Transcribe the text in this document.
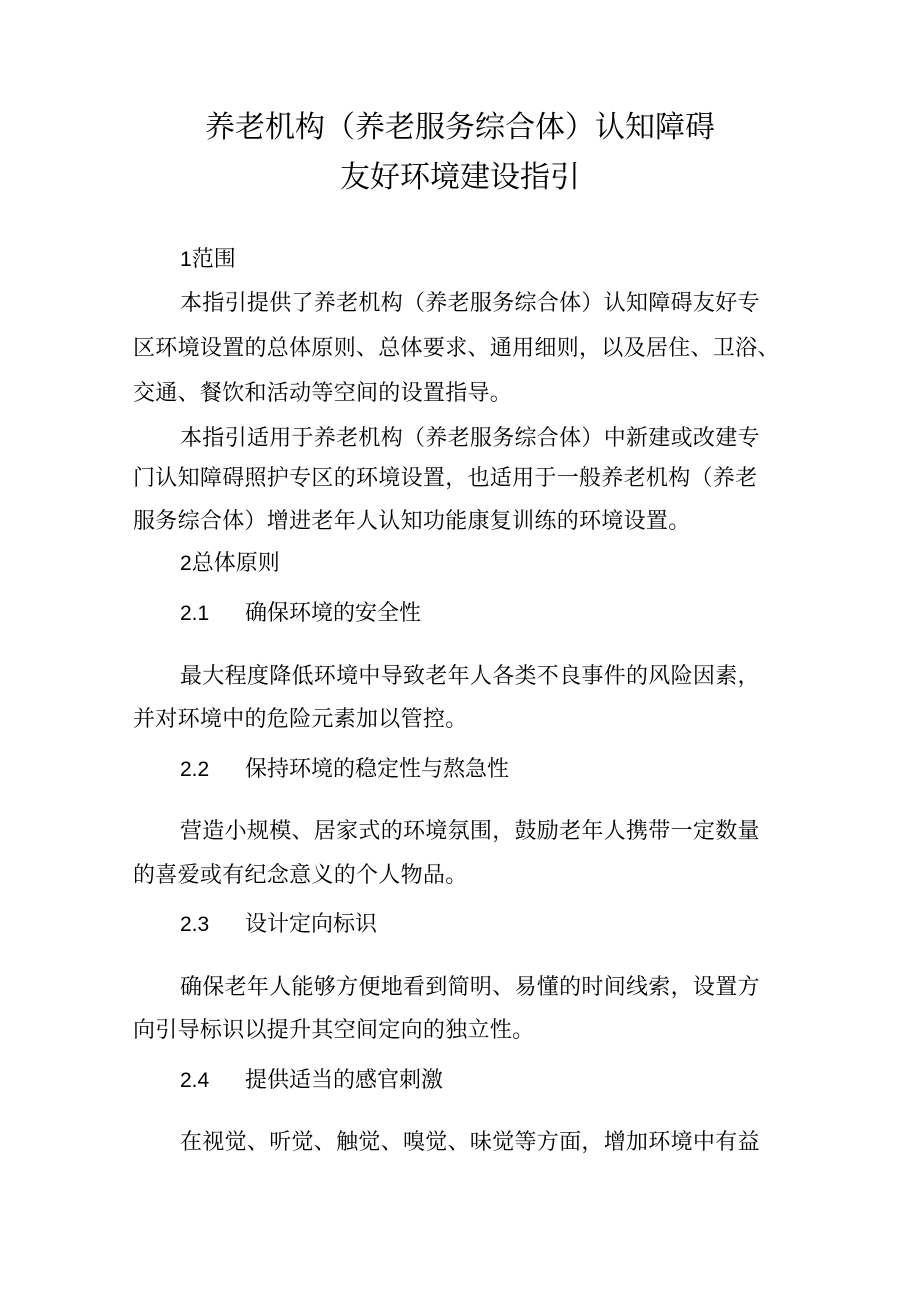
养老机构（养老服务综合体）认知障碍
友好环境建设指引
1范围
本指引提供了养老机构（养老服务综合体）认知障碍友好专
区环境设置的总体原则、总体要求、通用细则，以及居住、卫浴、
交通、餐饮和活动等空间的设置指导。
本指引适用于养老机构（养老服务综合体）中新建或改建专
门认知障碍照护专区的环境设置，也适用于一般养老机构（养老
服务综合体）增进老年人认知功能康复训练的环境设置。
2总体原则
2.1 确保环境的安全性
最大程度降低环境中导致老年人各类不良事件的风险因素，
并对环境中的危险元素加以管控。
2.2 保持环境的稳定性与熬急性
营造小规模、居家式的环境氛围，鼓励老年人携带一定数量
的喜爱或有纪念意义的个人物品。
2.3 设计定向标识
确保老年人能够方便地看到简明、易懂的时间线索，设置方
向引导标识以提升其空间定向的独立性。
2.4 提供适当的感官刺激
在视觉、听觉、触觉、嗅觉、味觉等方面，增加环境中有益
